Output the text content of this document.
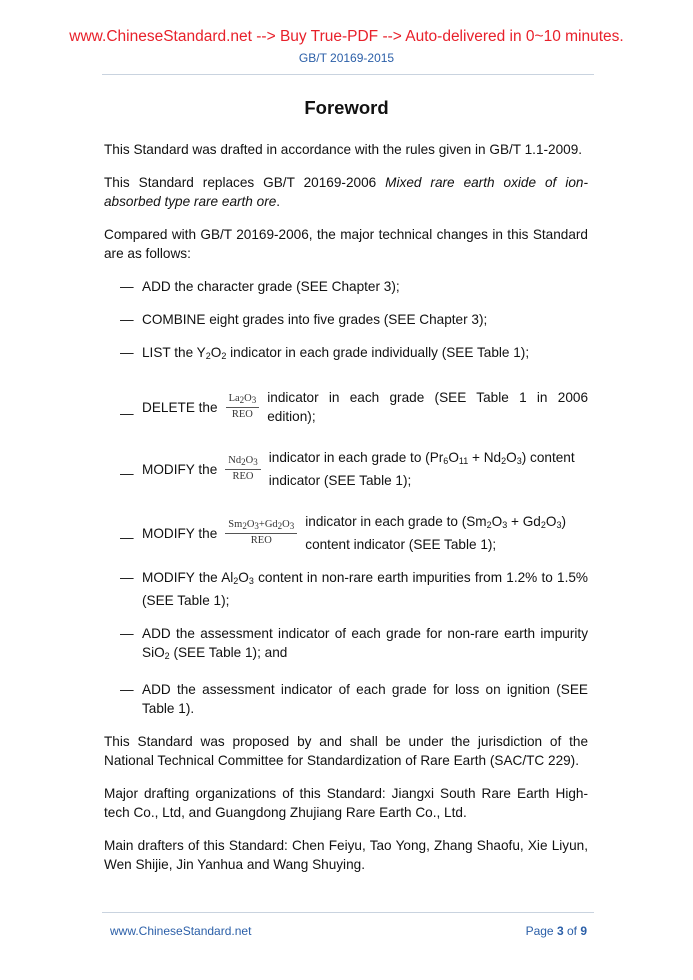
www.ChineseStandard.net --> Buy True-PDF --> Auto-delivered in 0~10 minutes.
GB/T 20169-2015
Foreword

This Standard was drafted in accordance with the rules given in GB/T 1.1-2009.

This Standard replaces GB/T 20169-2006 Mixed rare earth oxide of ion-absorbed type rare earth ore.

Compared with GB/T 20169-2006, the major technical changes in this Standard are as follows:

— ADD the character grade (SEE Chapter 3);
— COMBINE eight grades into five grades (SEE Chapter 3);
— LIST the $Y_2O_2$ indicator in each grade individually (SEE Table 1);
— DELETE the $\frac{La_2O_3}{\text{REO}}$ indicator in each grade (SEE Table 1 in 2006 edition);
— MODIFY the $\frac{Nd_2O_3}{\text{REO}}$ indicator in each grade to $(Pr_6O_{11} + Nd_2O_3)$ content indicator (SEE Table 1);
— MODIFY the $\frac{Sm_2O_3+Gd_2O_3}{\text{REO}}$ indicator in each grade to $(Sm_2O_3 + Gd_2O_3)$ content indicator (SEE Table 1);
— MODIFY the $Al_2O_3$ content in non-rare earth impurities from 1.2% to 1.5% (SEE Table 1);
— ADD the assessment indicator of each grade for non-rare earth impurity SiO$_2$ (SEE Table 1); and
— ADD the assessment indicator of each grade for loss on ignition (SEE Table 1).

This Standard was proposed by and shall be under the jurisdiction of the National Technical Committee for Standardization of Rare Earth (SAC/TC 229).

Major drafting organizations of this Standard: Jiangxi South Rare Earth High-tech Co., Ltd, and Guangdong Zhujiang Rare Earth Co., Ltd.

Main drafters of this Standard: Chen Feiyu, Tao Yong, Zhang Shaofu, Xie Liyun, Wen Shijie, Jin Yanhua and Wang Shuying.

www.ChineseStandard.net	Page 3 of 9
